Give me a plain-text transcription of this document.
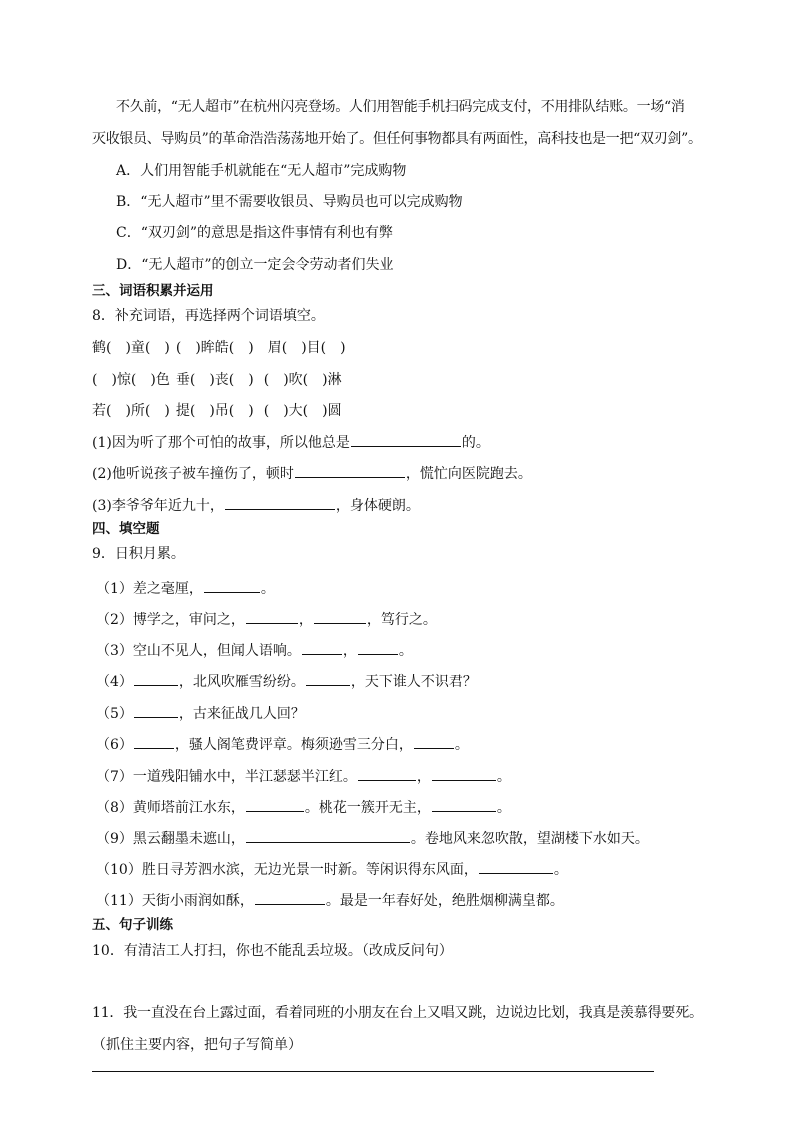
不久前，“无人超市”在杭州闪亮登场。人们用智能手机扫码完成支付，不用排队结账。一场“消
灭收银员、导购员”的革命浩浩荡荡地开始了。但任何事物都具有两面性，高科技也是一把“双刃剑”。
A．人们用智能手机就能在“无人超市”完成购物
B．“无人超市”里不需要收银员、导购员也可以完成购物
C．“双刃剑”的意思是指这件事情有利也有弊
D．“无人超市”的创立一定会令劳动者们失业
三、词语积累并运用
8．补充词语，再选择两个词语填空。
鹤( )童( ) ( )眸皓( ) 眉( )目( )
( )惊( )色 垂( )丧( ) ( )吹( )淋
若( )所( ) 提( )吊( ) ( )大( )圆
(1)因为听了那个可怕的故事，所以他总是	的。
(2)他听说孩子被车撞伤了，顿时	，慌忙向医院跑去。
(3)李爷爷年近九十，	，身体硬朗。
四、填空题
9．日积月累。
（1）差之毫厘，	。
（2）博学之，审问之，	，	，笃行之。
（3）空山不见人，但闻人语响。	，	。
（4）	，北风吹雁雪纷纷。	，天下谁人不识君？
（5）	，古来征战几人回？
（6）	，骚人阁笔费评章。梅须逊雪三分白，	。
（7）一道残阳铺水中，半江瑟瑟半江红。	，	。
（8）黄师塔前江水东，	。桃花一簇开无主，	。
（9）黑云翻墨未遮山，	。卷地风来忽吹散，望湖楼下水如天。
（10）胜日寻芳泗水滨，无边光景一时新。等闲识得东风面，	。
（11）天街小雨润如酥，	。最是一年春好处，绝胜烟柳满皇都。
五、句子训练
10．有清洁工人打扫，你也不能乱丢垃圾。（改成反问句）
11．我一直没在台上露过面，看着同班的小朋友在台上又唱又跳，边说边比划，我真是羡慕得要死。
（抓住主要内容，把句子写简单）
